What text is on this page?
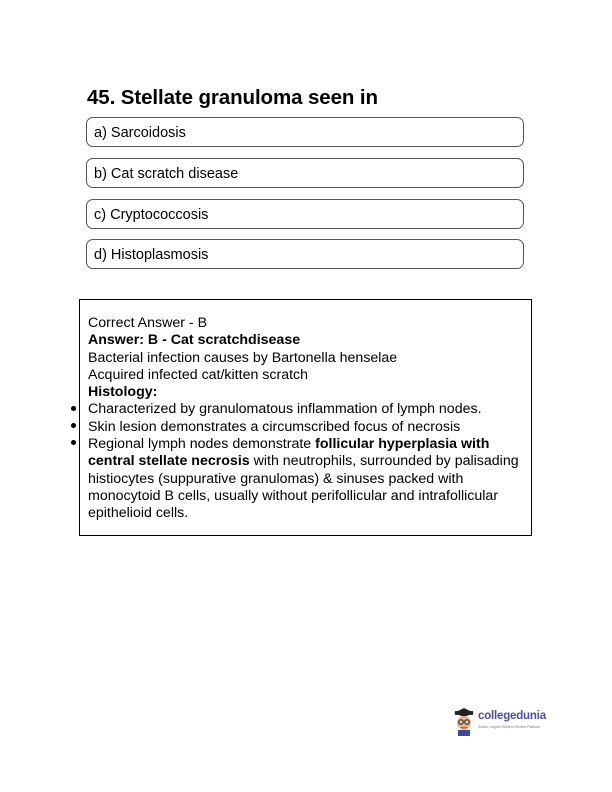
45. Stellate granuloma seen in
a) Sarcoidosis
b) Cat scratch disease
c) Cryptococcosis
d) Histoplasmosis
Correct Answer - B
Answer: B - Cat scratchdisease
Bacterial infection causes by Bartonella henselae
Acquired infected cat/kitten scratch
Histology:
Characterized by granulomatous inflammation of lymph nodes.
Skin lesion demonstrates a circumscribed focus of necrosis
Regional lymph nodes demonstrate follicular hyperplasia with
central stellate necrosis with neutrophils, surrounded by palisading
histiocytes (suppurative granulomas) & sinuses packed with
monocytoid B cells, usually without perifollicular and intrafollicular
epithelioid cells.
collegedunia
India's Largest Student Review Platform
